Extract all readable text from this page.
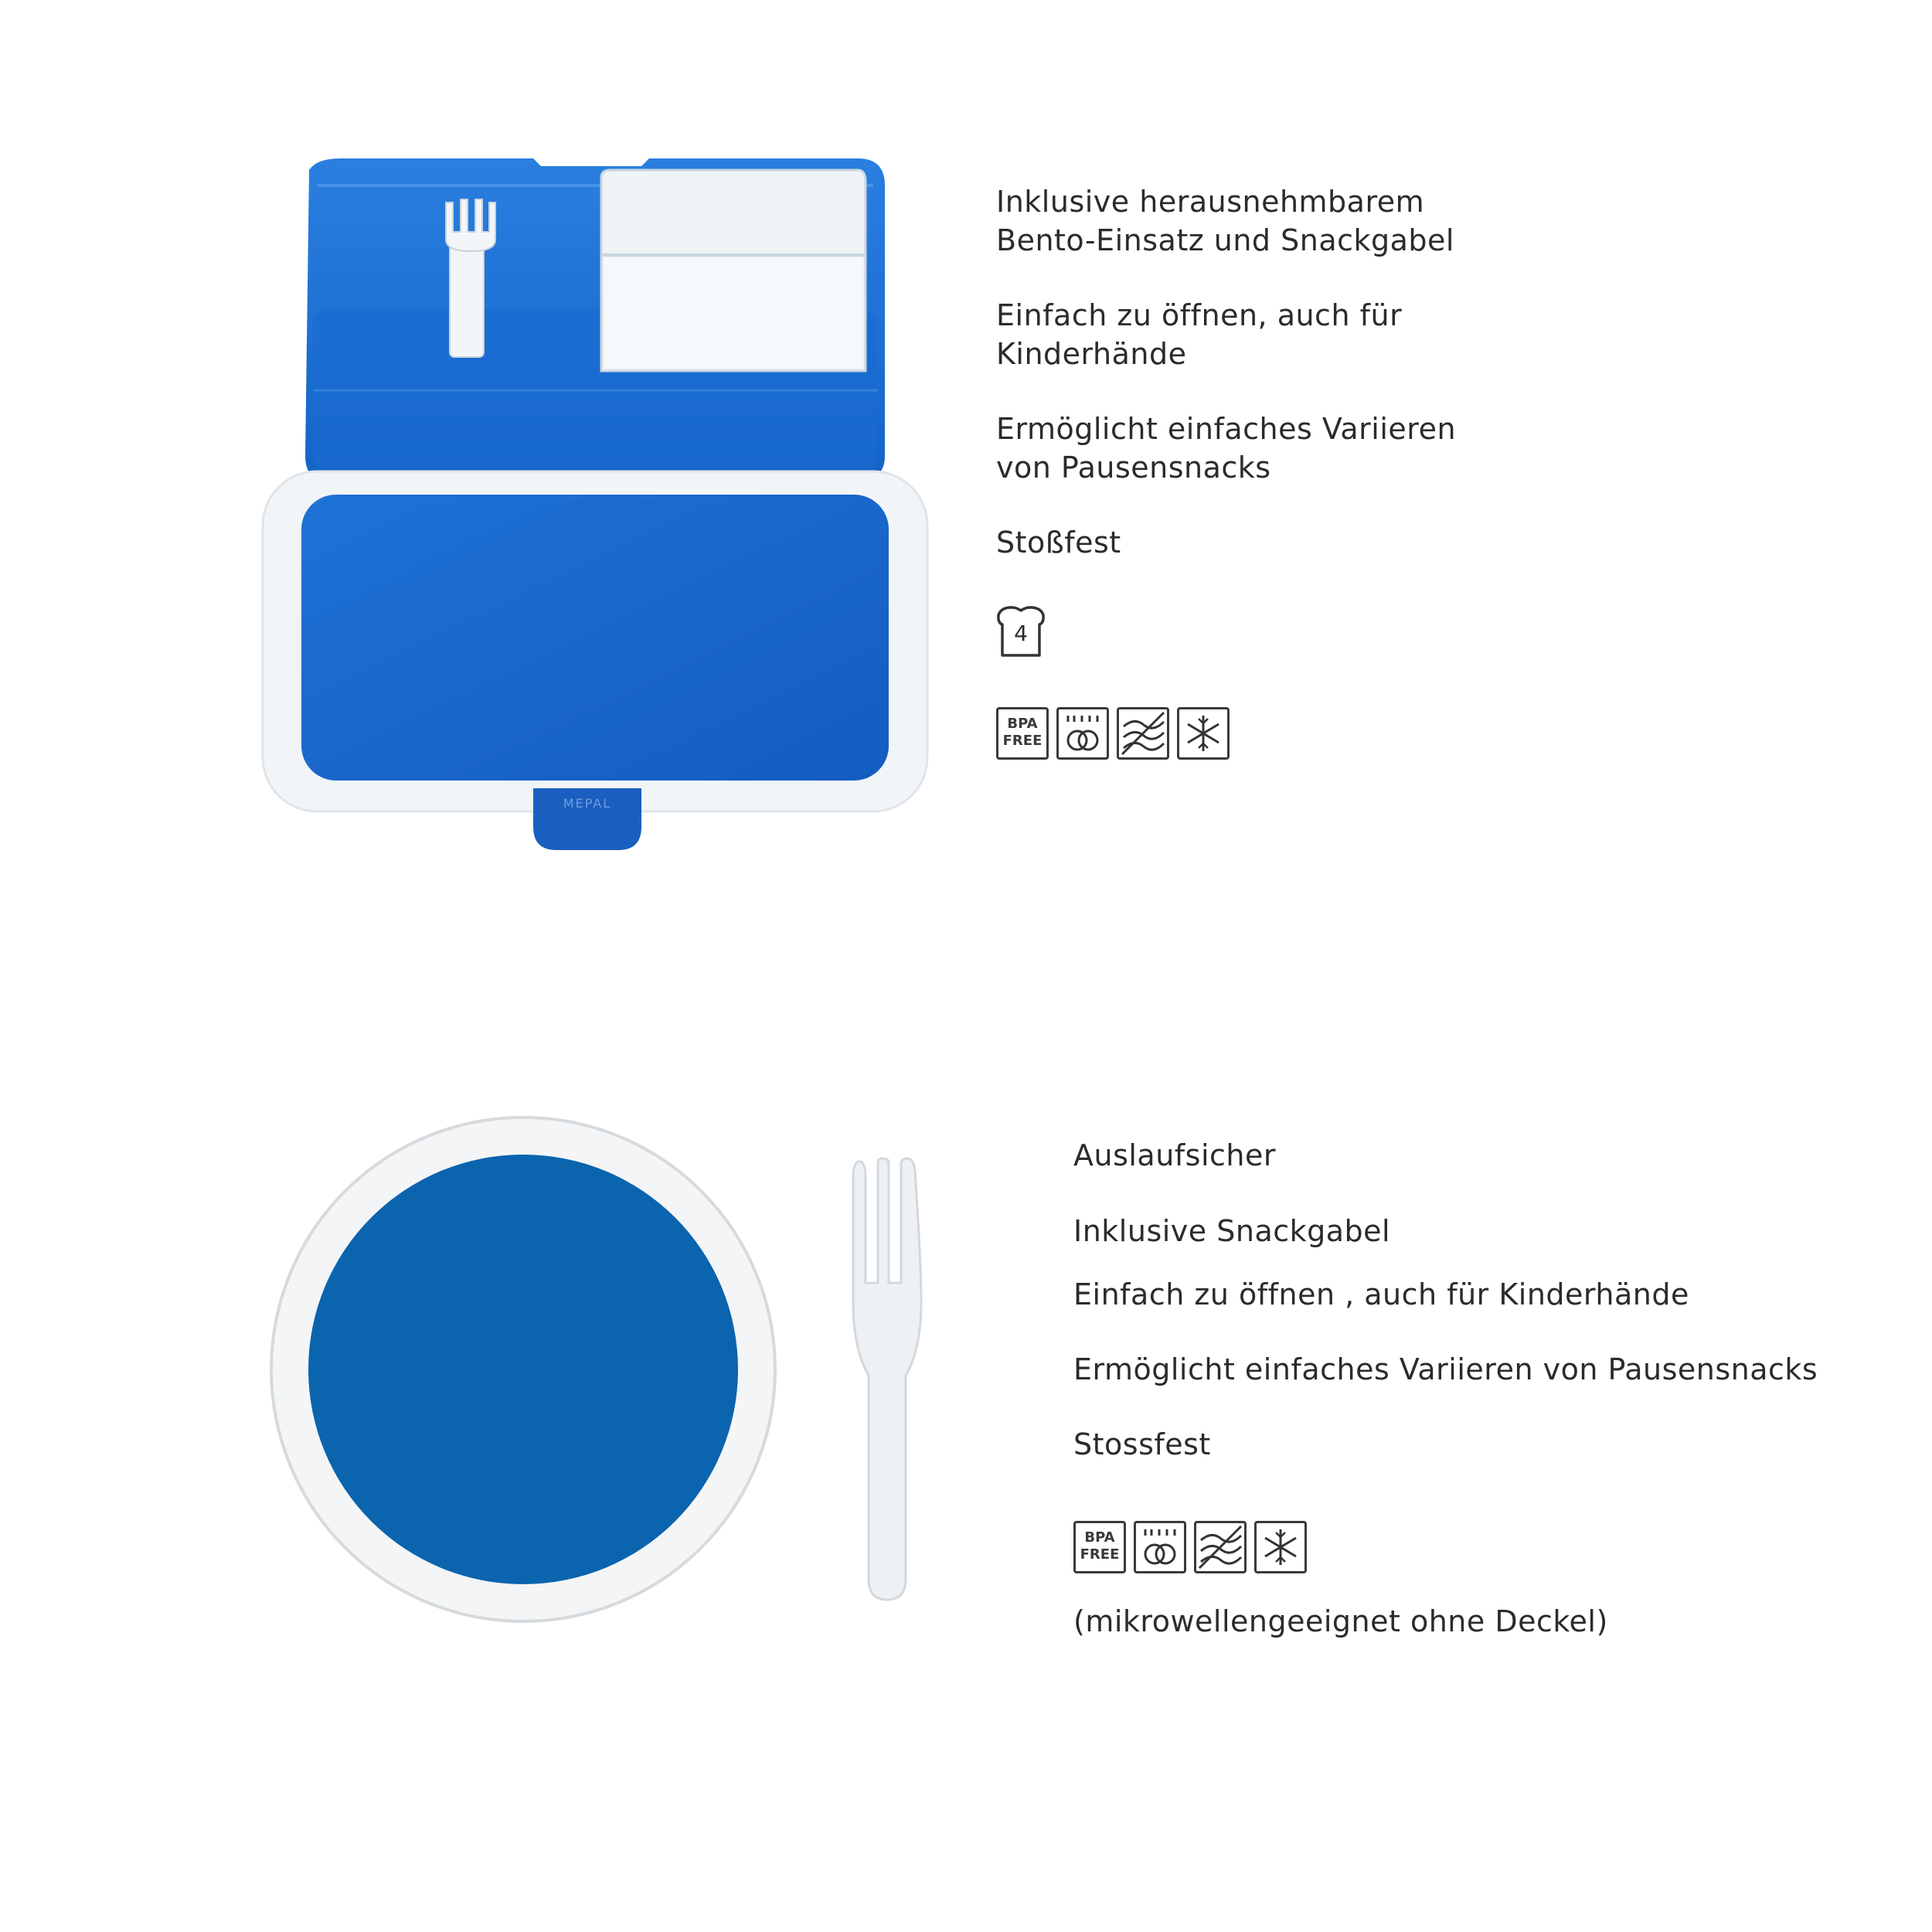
MEPAL
Inklusive herausnehmbarem
Bento-Einsatz und Snackgabel
Einfach zu öffnen, auch für
Kinderhände
Ermöglicht einfaches Variieren
von Pausensnacks
Stoßfest
4
BPA
FREE
Auslaufsicher
Inklusive Snackgabel
Einfach zu öffnen , auch für Kinderhände
Ermöglicht einfaches Variieren von Pausensnacks
Stossfest
BPA
FREE
(mikrowellengeeignet ohne Deckel)
